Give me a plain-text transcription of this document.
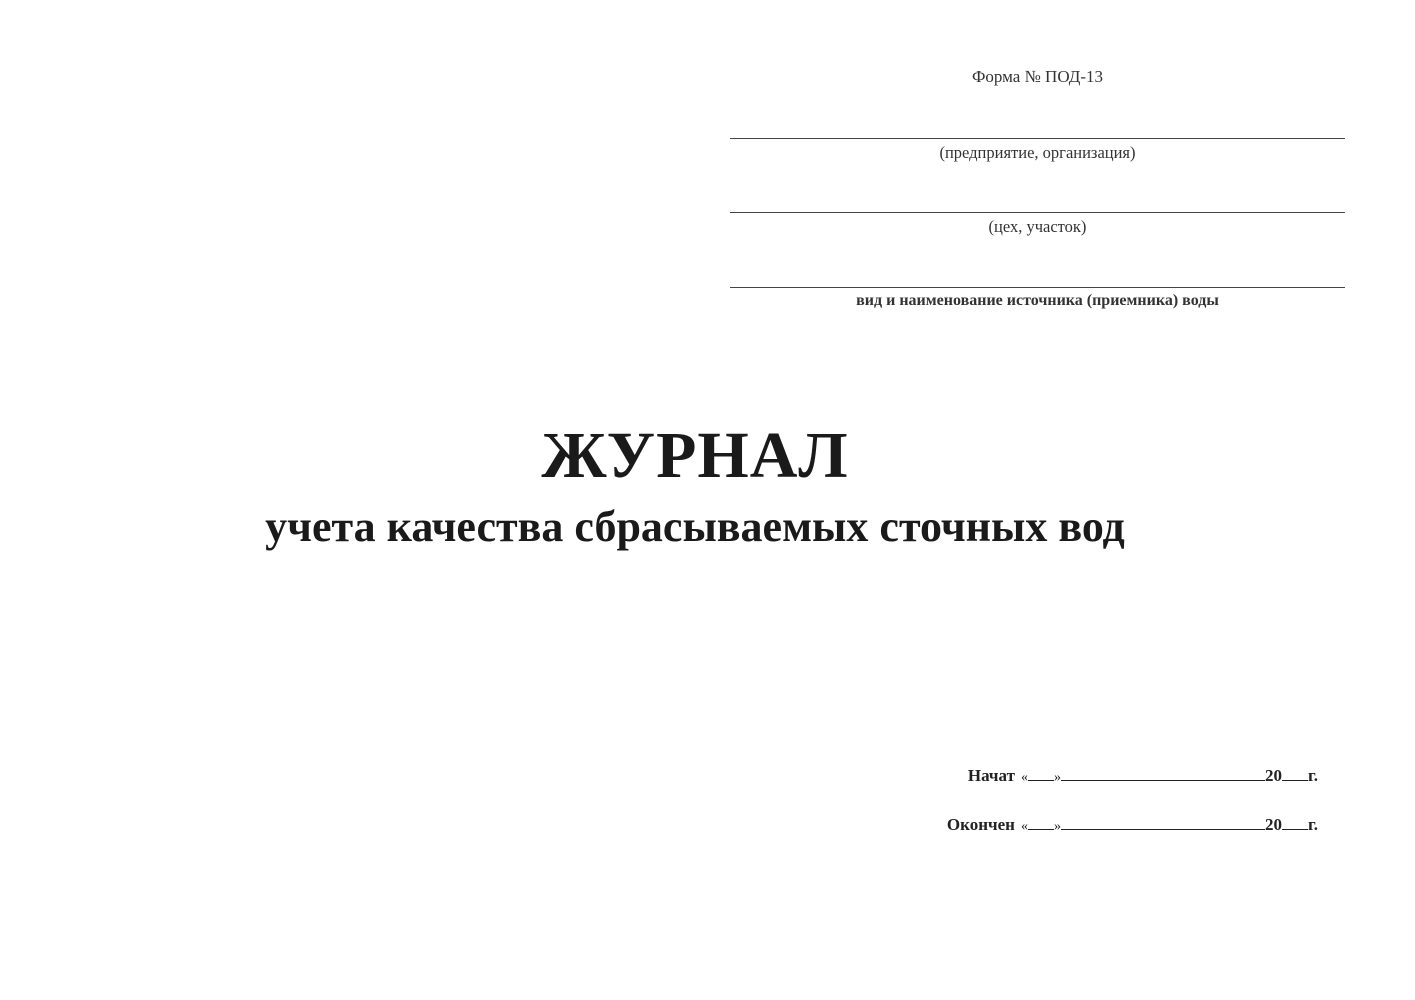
Форма № ПОД-13
(предприятие, организация)
(цех, участок)
вид и наименование источника (приемника) воды
ЖУРНАЛ
учета качества сбрасываемых сточных вод
Начат « »	20 г.
Окончен « »	20 г.
